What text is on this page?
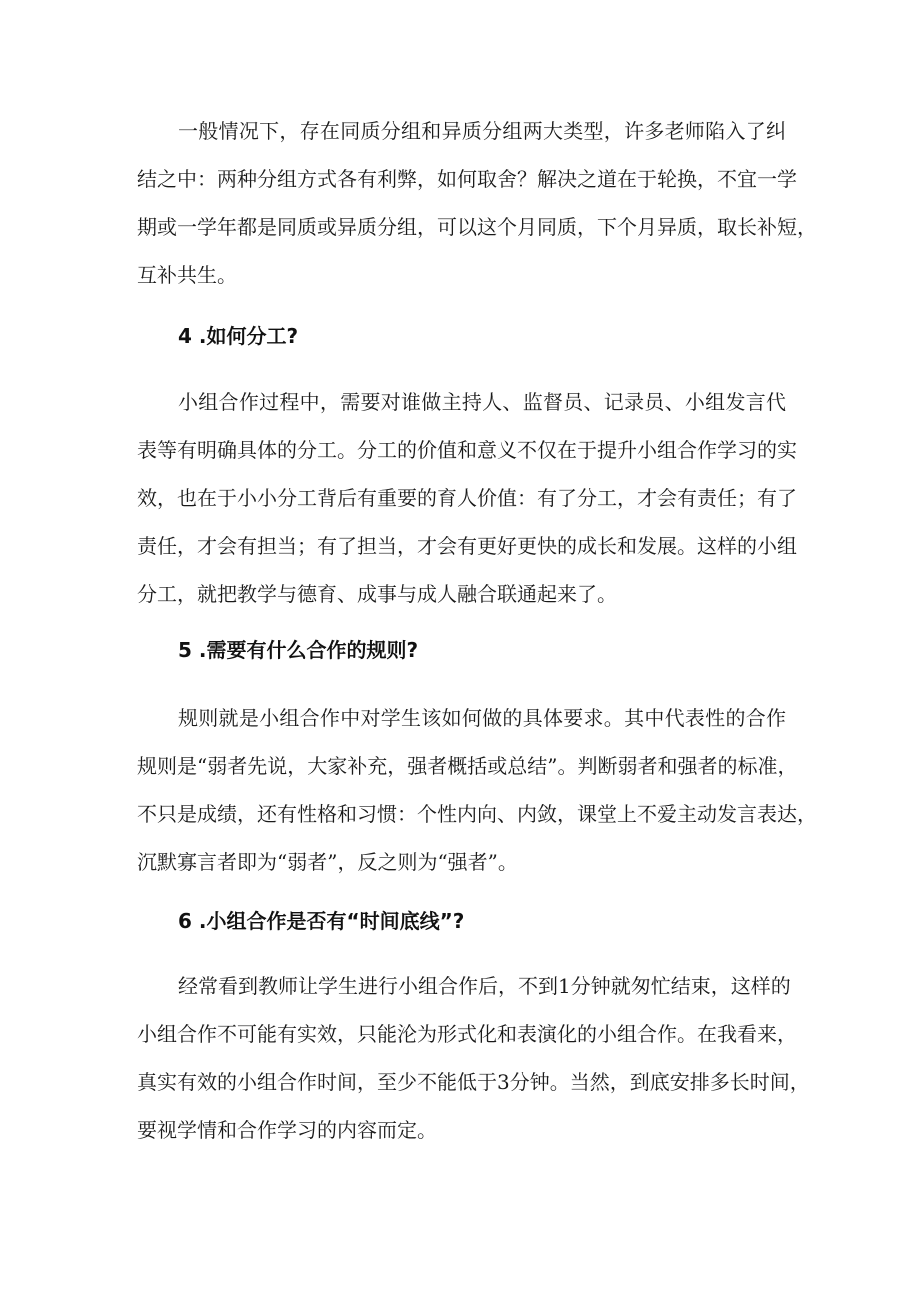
一般情况下，存在同质分组和异质分组两大类型，许多老师陷入了纠
结之中：两种分组方式各有利弊，如何取舍？解决之道在于轮换，不宜一学
期或一学年都是同质或异质分组，可以这个月同质，下个月异质，取长补短，
互补共生。
4 .如何分工?
小组合作过程中，需要对谁做主持人、监督员、记录员、小组发言代
表等有明确具体的分工。分工的价值和意义不仅在于提升小组合作学习的实
效，也在于小小分工背后有重要的育人价值：有了分工，才会有责任；有了
责任，才会有担当；有了担当，才会有更好更快的成长和发展。这样的小组
分工，就把教学与德育、成事与成人融合联通起来了。
5 .需要有什么合作的规则?
规则就是小组合作中对学生该如何做的具体要求。其中代表性的合作
规则是“弱者先说，大家补充，强者概括或总结”。判断弱者和强者的标准，
不只是成绩，还有性格和习惯：个性内向、内敛，课堂上不爱主动发言表达，
沉默寡言者即为“弱者”，反之则为“强者”。
6 .小组合作是否有“时间底线”?
经常看到教师让学生进行小组合作后，不到1分钟就匆忙结束，这样的
小组合作不可能有实效，只能沦为形式化和表演化的小组合作。在我看来，
真实有效的小组合作时间，至少不能低于3分钟。当然，到底安排多长时间，
要视学情和合作学习的内容而定。
